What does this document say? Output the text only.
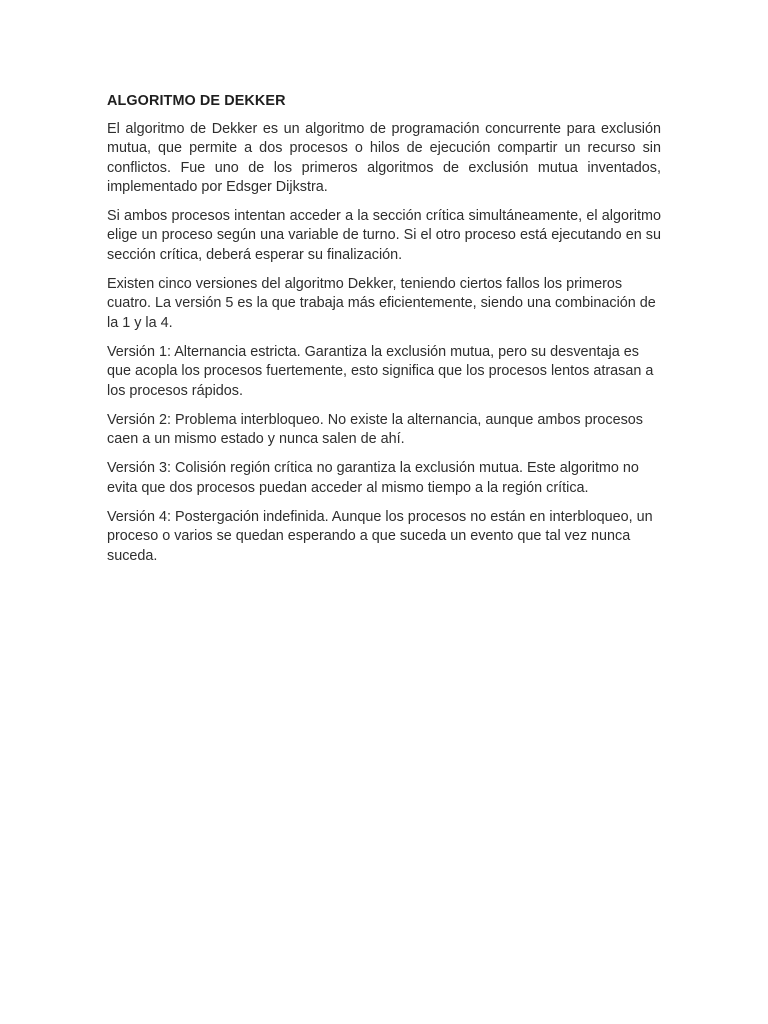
ALGORITMO DE DEKKER

El algoritmo de Dekker es un algoritmo de programación concurrente para exclusión mutua, que permite a dos procesos o hilos de ejecución compartir un recurso sin conflictos. Fue uno de los primeros algoritmos de exclusión mutua inventados, implementado por Edsger Dijkstra.

Si ambos procesos intentan acceder a la sección crítica simultáneamente, el algoritmo elige un proceso según una variable de turno. Si el otro proceso está ejecutando en su sección crítica, deberá esperar su finalización.

Existen cinco versiones del algoritmo Dekker, teniendo ciertos fallos los primeros cuatro. La versión 5 es la que trabaja más eficientemente, siendo una combinación de la 1 y la 4.

Versión 1: Alternancia estricta. Garantiza la exclusión mutua, pero su desventaja es que acopla los procesos fuertemente, esto significa que los procesos lentos atrasan a los procesos rápidos.

Versión 2: Problema interbloqueo. No existe la alternancia, aunque ambos procesos caen a un mismo estado y nunca salen de ahí.

Versión 3: Colisión región crítica no garantiza la exclusión mutua. Este algoritmo no evita que dos procesos puedan acceder al mismo tiempo a la región crítica.

Versión 4: Postergación indefinida. Aunque los procesos no están en interbloqueo, un proceso o varios se quedan esperando a que suceda un evento que tal vez nunca suceda.
